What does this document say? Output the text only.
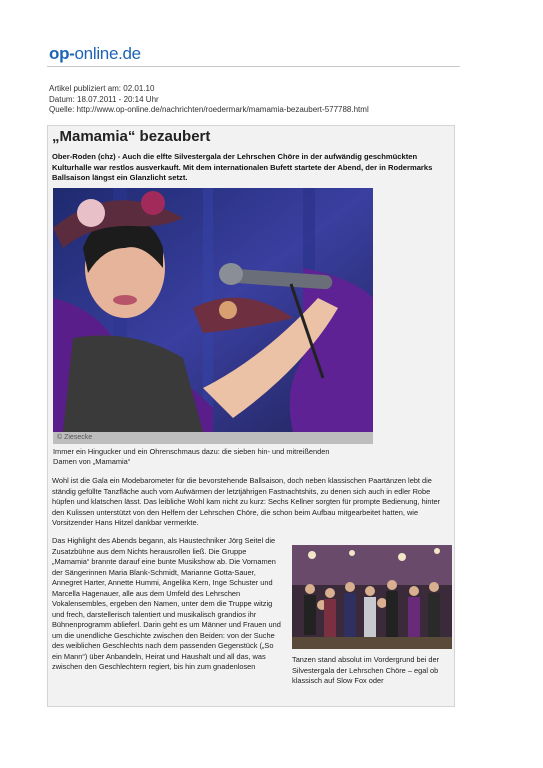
op-online.de
Artikel publiziert am: 02.01.10
Datum: 18.07.2011 - 20:14 Uhr
Quelle: http://www.op-online.de/nachrichten/roedermark/mamamia-bezaubert-577788.html
„Mamamia“ bezaubert
Ober-Roden (chz) - Auch die elfte Silvestergala der Lehrschen Chöre in der aufwändig geschmückten Kulturhalle war restlos ausverkauft. Mit dem internationalen Bufett startete der Abend, der in Rodermarks Ballsaison längst ein Glanzlicht setzt.
© Ziesecke
Immer ein Hingucker und ein Ohrenschmaus dazu: die sieben hin- und mitreißenden Damen von „Mamamia“

Wohl ist die Gala ein Modebarometer für die bevorstehende Ballsaison, doch neben klassischen Paartänzen lebt die ständig gefüllte Tanzfläche auch vom Aufwärmen der letztjährigen Fastnachtshits, zu denen sich auch in edler Robe hüpfen und klatschen lässt. Das leibliche Wohl kam nicht zu kurz: Sechs Kellner sorgten für prompte Bedienung, hinter den Kulissen unterstützt von den Helfern der Lehrschen Chöre, die schon beim Aufbau mitgearbeitet hatten, wie Vorsitzender Hans Hitzel dankbar vermerkte.

Das Highlight des Abends begann, als Haustechniker Jörg Seitel die Zusatzbühne aus dem Nichts herausrollen ließ. Die Gruppe „Mamamia“ brannte darauf eine bunte Musikshow ab. Die Vornamen der Sängerinnen Maria Blank-Schmidt, Marianne Gotta-Sauer, Annegret Harter, Annette Hummi, Angelika Kern, Inge Schuster und Marcella Hagenauer, alle aus dem Umfeld des Lehrschen Vokalensembles, ergeben den Namen, unter dem die Truppe witzig und frech, darstellerisch talentiert und musikalisch grandios ihr Bühnenprogramm ablieferl. Darin geht es um Männer und Frauen und um die unendliche Geschichte zwischen den Beiden: von der Suche des weiblichen Geschlechts nach dem passenden Gegenstück („So ein Mann“) über Anbandeln, Heirat und Haushalt und all das, was zwischen den Geschlechtern regiert, bis hin zum gnadenlosen

Tanzen stand absolut im Vordergrund bei der Silvestergala der Lehrschen Chöre – egal ob klassisch auf Slow Fox oder
